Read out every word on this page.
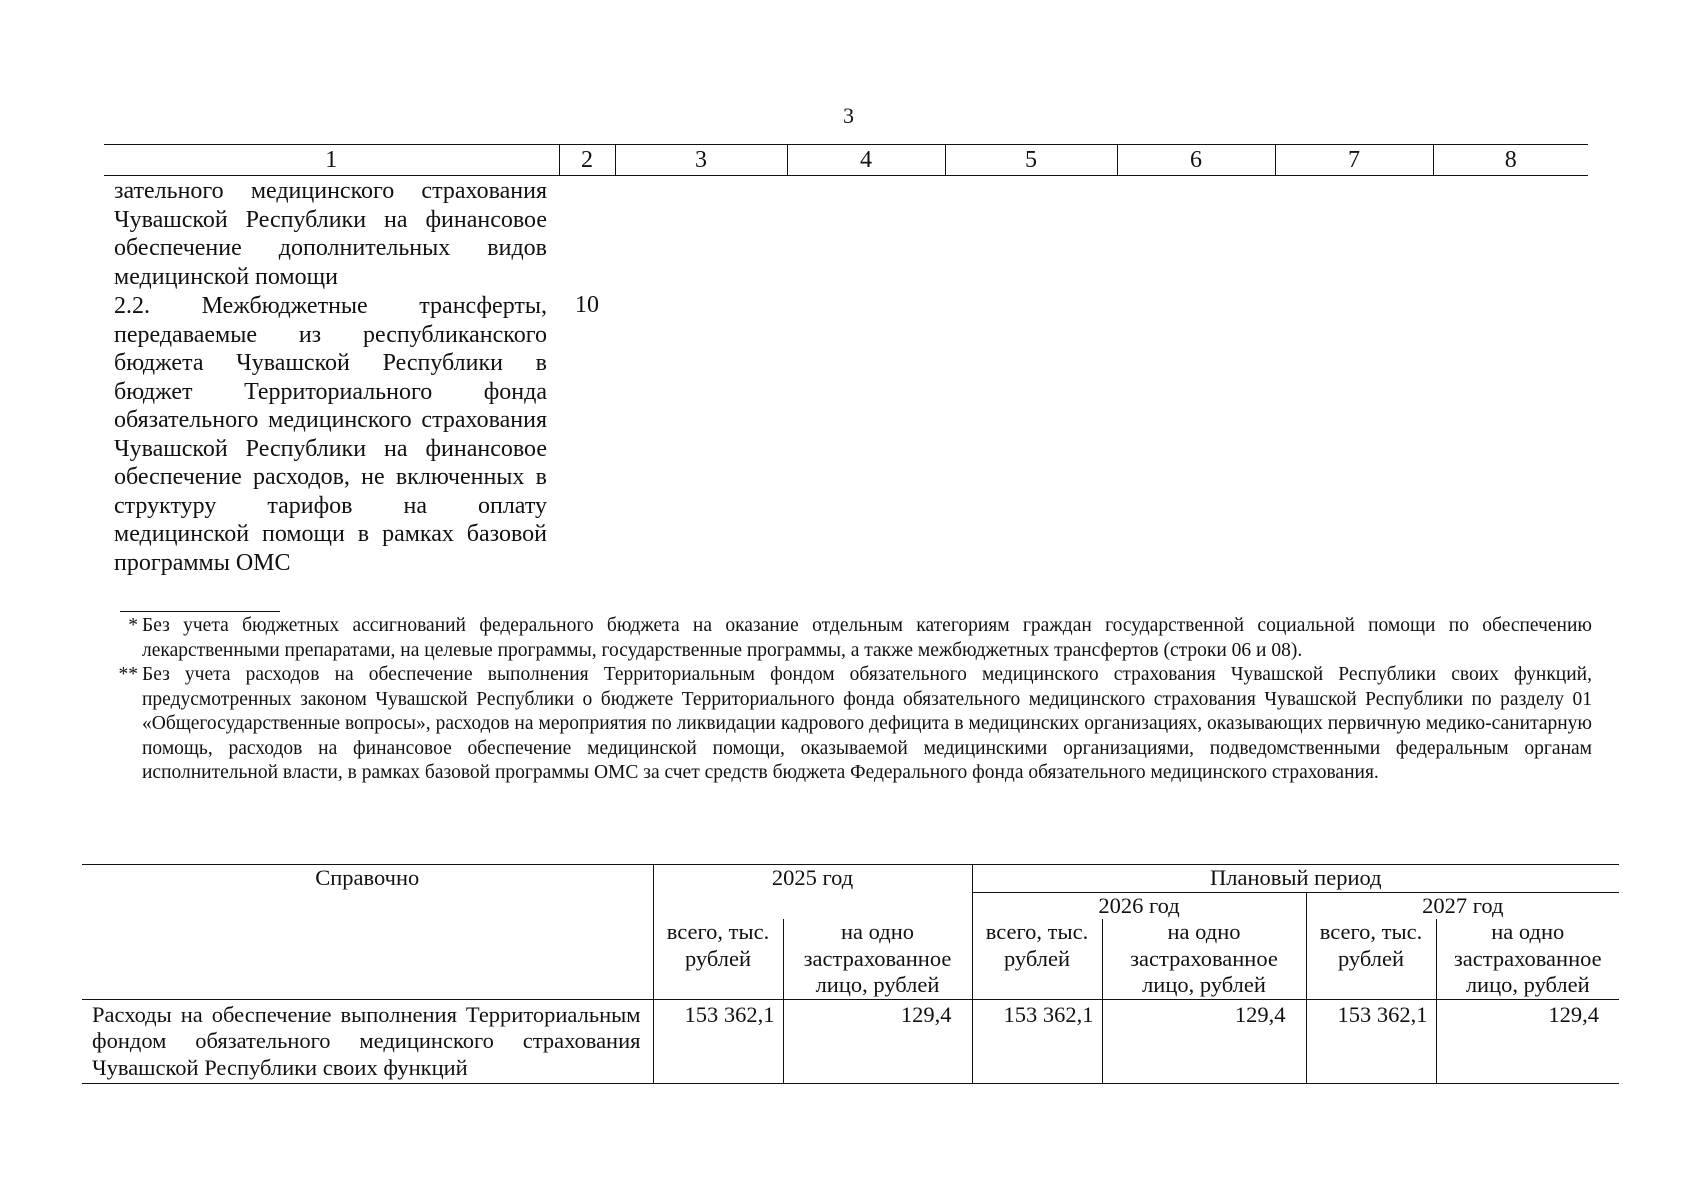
3
1	2	3	4	5	6	7	8

зательного медицинского страхования Чувашской Республики на финансовое обеспечение дополнительных видов медицинской помощи							

2.2. Межбюджетные трансферты, передаваемые из республиканского бюджета Чувашской Республики в бюджет Территориального фонда обязательного медицинского страхования Чувашской Республики на финансовое обеспечение расходов, не включенных в структуру тарифов на оплату медицинской помощи в рамках базовой программы ОМС	10						

* Без учета бюджетных ассигнований федерального бюджета на оказание отдельным категориям граждан государственной социальной помощи по обеспечению лекарственными препаратами, на целевые программы, государственные программы, а также межбюджетных трансфертов (строки 06 и 08).

** Без учета расходов на обеспечение выполнения Территориальным фондом обязательного медицинского страхования Чувашской Республики своих функций, предусмотренных законом Чувашской Республики о бюджете Территориального фонда обязательного медицинского страхования Чувашской Республики по разделу 01 «Общегосударственные вопросы», расходов на мероприятия по ликвидации кадрового дефицита в медицинских организациях, оказывающих первичную медико-санитарную помощь, расходов на финансовое обеспечение медицинской помощи, оказываемой медицинскими организациями, подведомственными федеральным органам исполнительной власти, в рамках базовой программы ОМС за счет средств бюджета Федерального фонда обязательного медицинского страхования.

Справочно	2025 год		Плановый период			
			2026 год		2027 год	
	всего, тыс. рублей	на одно застрахованное лицо, рублей	всего, тыс. рублей	на одно застрахованное лицо, рублей	всего, тыс. рублей	на одно застрахованное лицо, рублей
Расходы на обеспечение выполнения Территориальным фондом обязательного медицинского страхования Чувашской Республики своих функций	153 362,1	129,4	153 362,1	129,4	153 362,1	129,4
